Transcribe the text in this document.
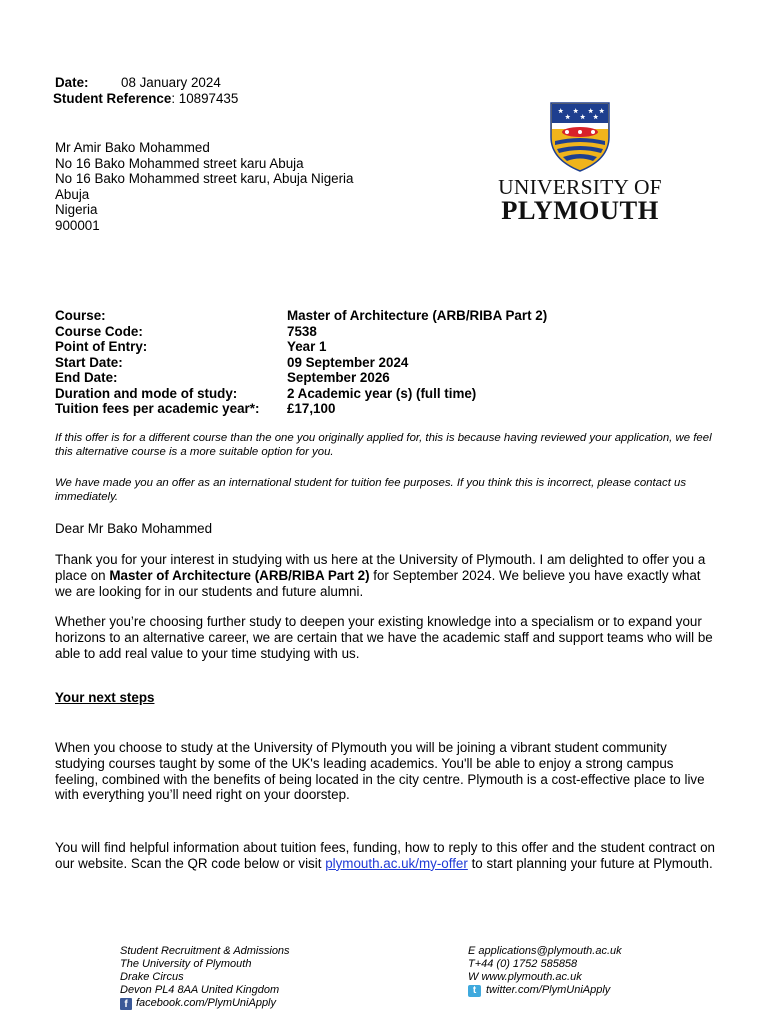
Date: 08 January 2024
Student Reference: 10897435
Mr Amir Bako Mohammed
No 16 Bako Mohammed street karu Abuja
No 16 Bako Mohammed street karu, Abuja Nigeria
Abuja
Nigeria
900001
UNIVERSITY OF
PLYMOUTH
Course:	Master of Architecture (ARB/RIBA Part 2)
Course Code:	7538
Point of Entry:	Year 1
Start Date:	09 September 2024
End Date:	September 2026
Duration and mode of study:	2 Academic year (s) (full time)
Tuition fees per academic year*: £17,100
If this offer is for a different course than the one you originally applied for, this is because having reviewed your application, we feel this alternative course is a more suitable option for you.
We have made you an offer as an international student for tuition fee purposes. If you think this is incorrect, please contact us immediately.
Dear Mr Bako Mohammed
Thank you for your interest in studying with us here at the University of Plymouth. I am delighted to offer you a place on Master of Architecture (ARB/RIBA Part 2) for September 2024. We believe you have exactly what we are looking for in our students and future alumni.
Whether you’re choosing further study to deepen your existing knowledge into a specialism or to expand your horizons to an alternative career, we are certain that we have the academic staff and support teams who will be able to add real value to your time studying with us.
Your next steps
When you choose to study at the University of Plymouth you will be joining a vibrant student community studying courses taught by some of the UK's leading academics. You'll be able to enjoy a strong campus feeling, combined with the benefits of being located in the city centre. Plymouth is a cost-effective place to live with everything you’ll need right on your doorstep.
You will find helpful information about tuition fees, funding, how to reply to this offer and the student contract on our website. Scan the QR code below or visit plymouth.ac.uk/my-offer to start planning your future at Plymouth.
Student Recruitment & Admissions
The University of Plymouth
Drake Circus
Devon PL4 8AA United Kingdom
f facebook.com/PlymUniApply
E applications@plymouth.ac.uk
T+44 (0) 1752 585858
W www.plymouth.ac.uk
t twitter.com/PlymUniApply
